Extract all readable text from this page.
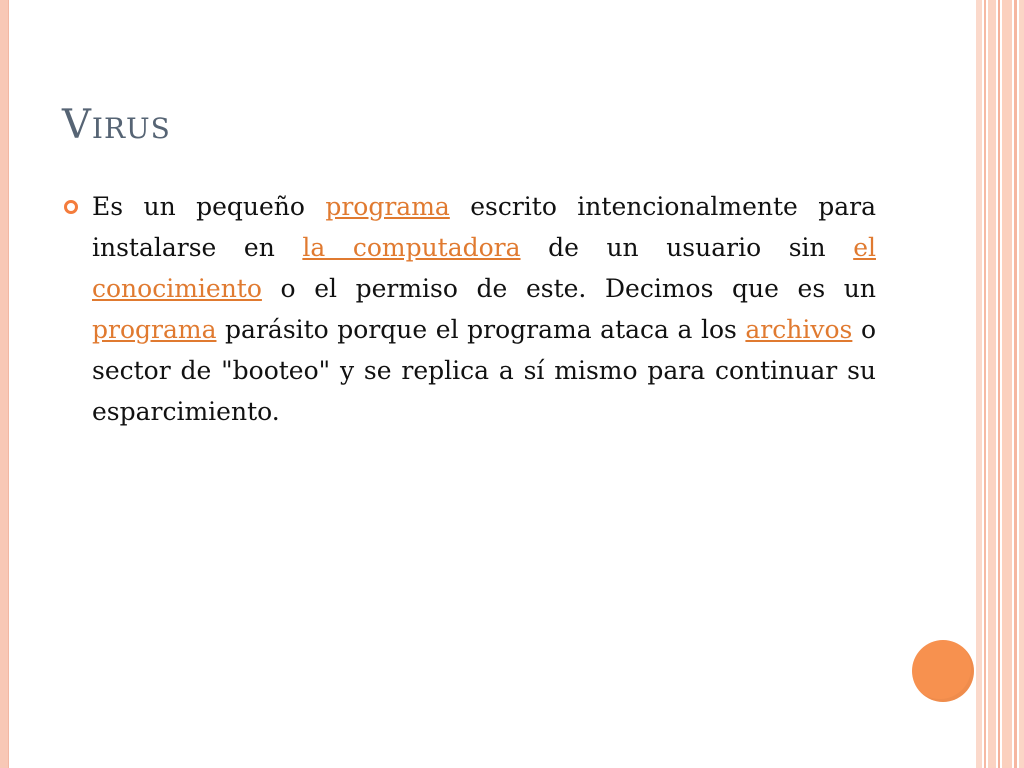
Virus

Es un pequeño programa escrito intencionalmente para instalarse en la computadora de un usuario sin el conocimiento o el permiso de este. Decimos que es un programa parásito porque el programa ataca a los archivos o sector de "booteo" y se replica a sí mismo para continuar su esparcimiento.
